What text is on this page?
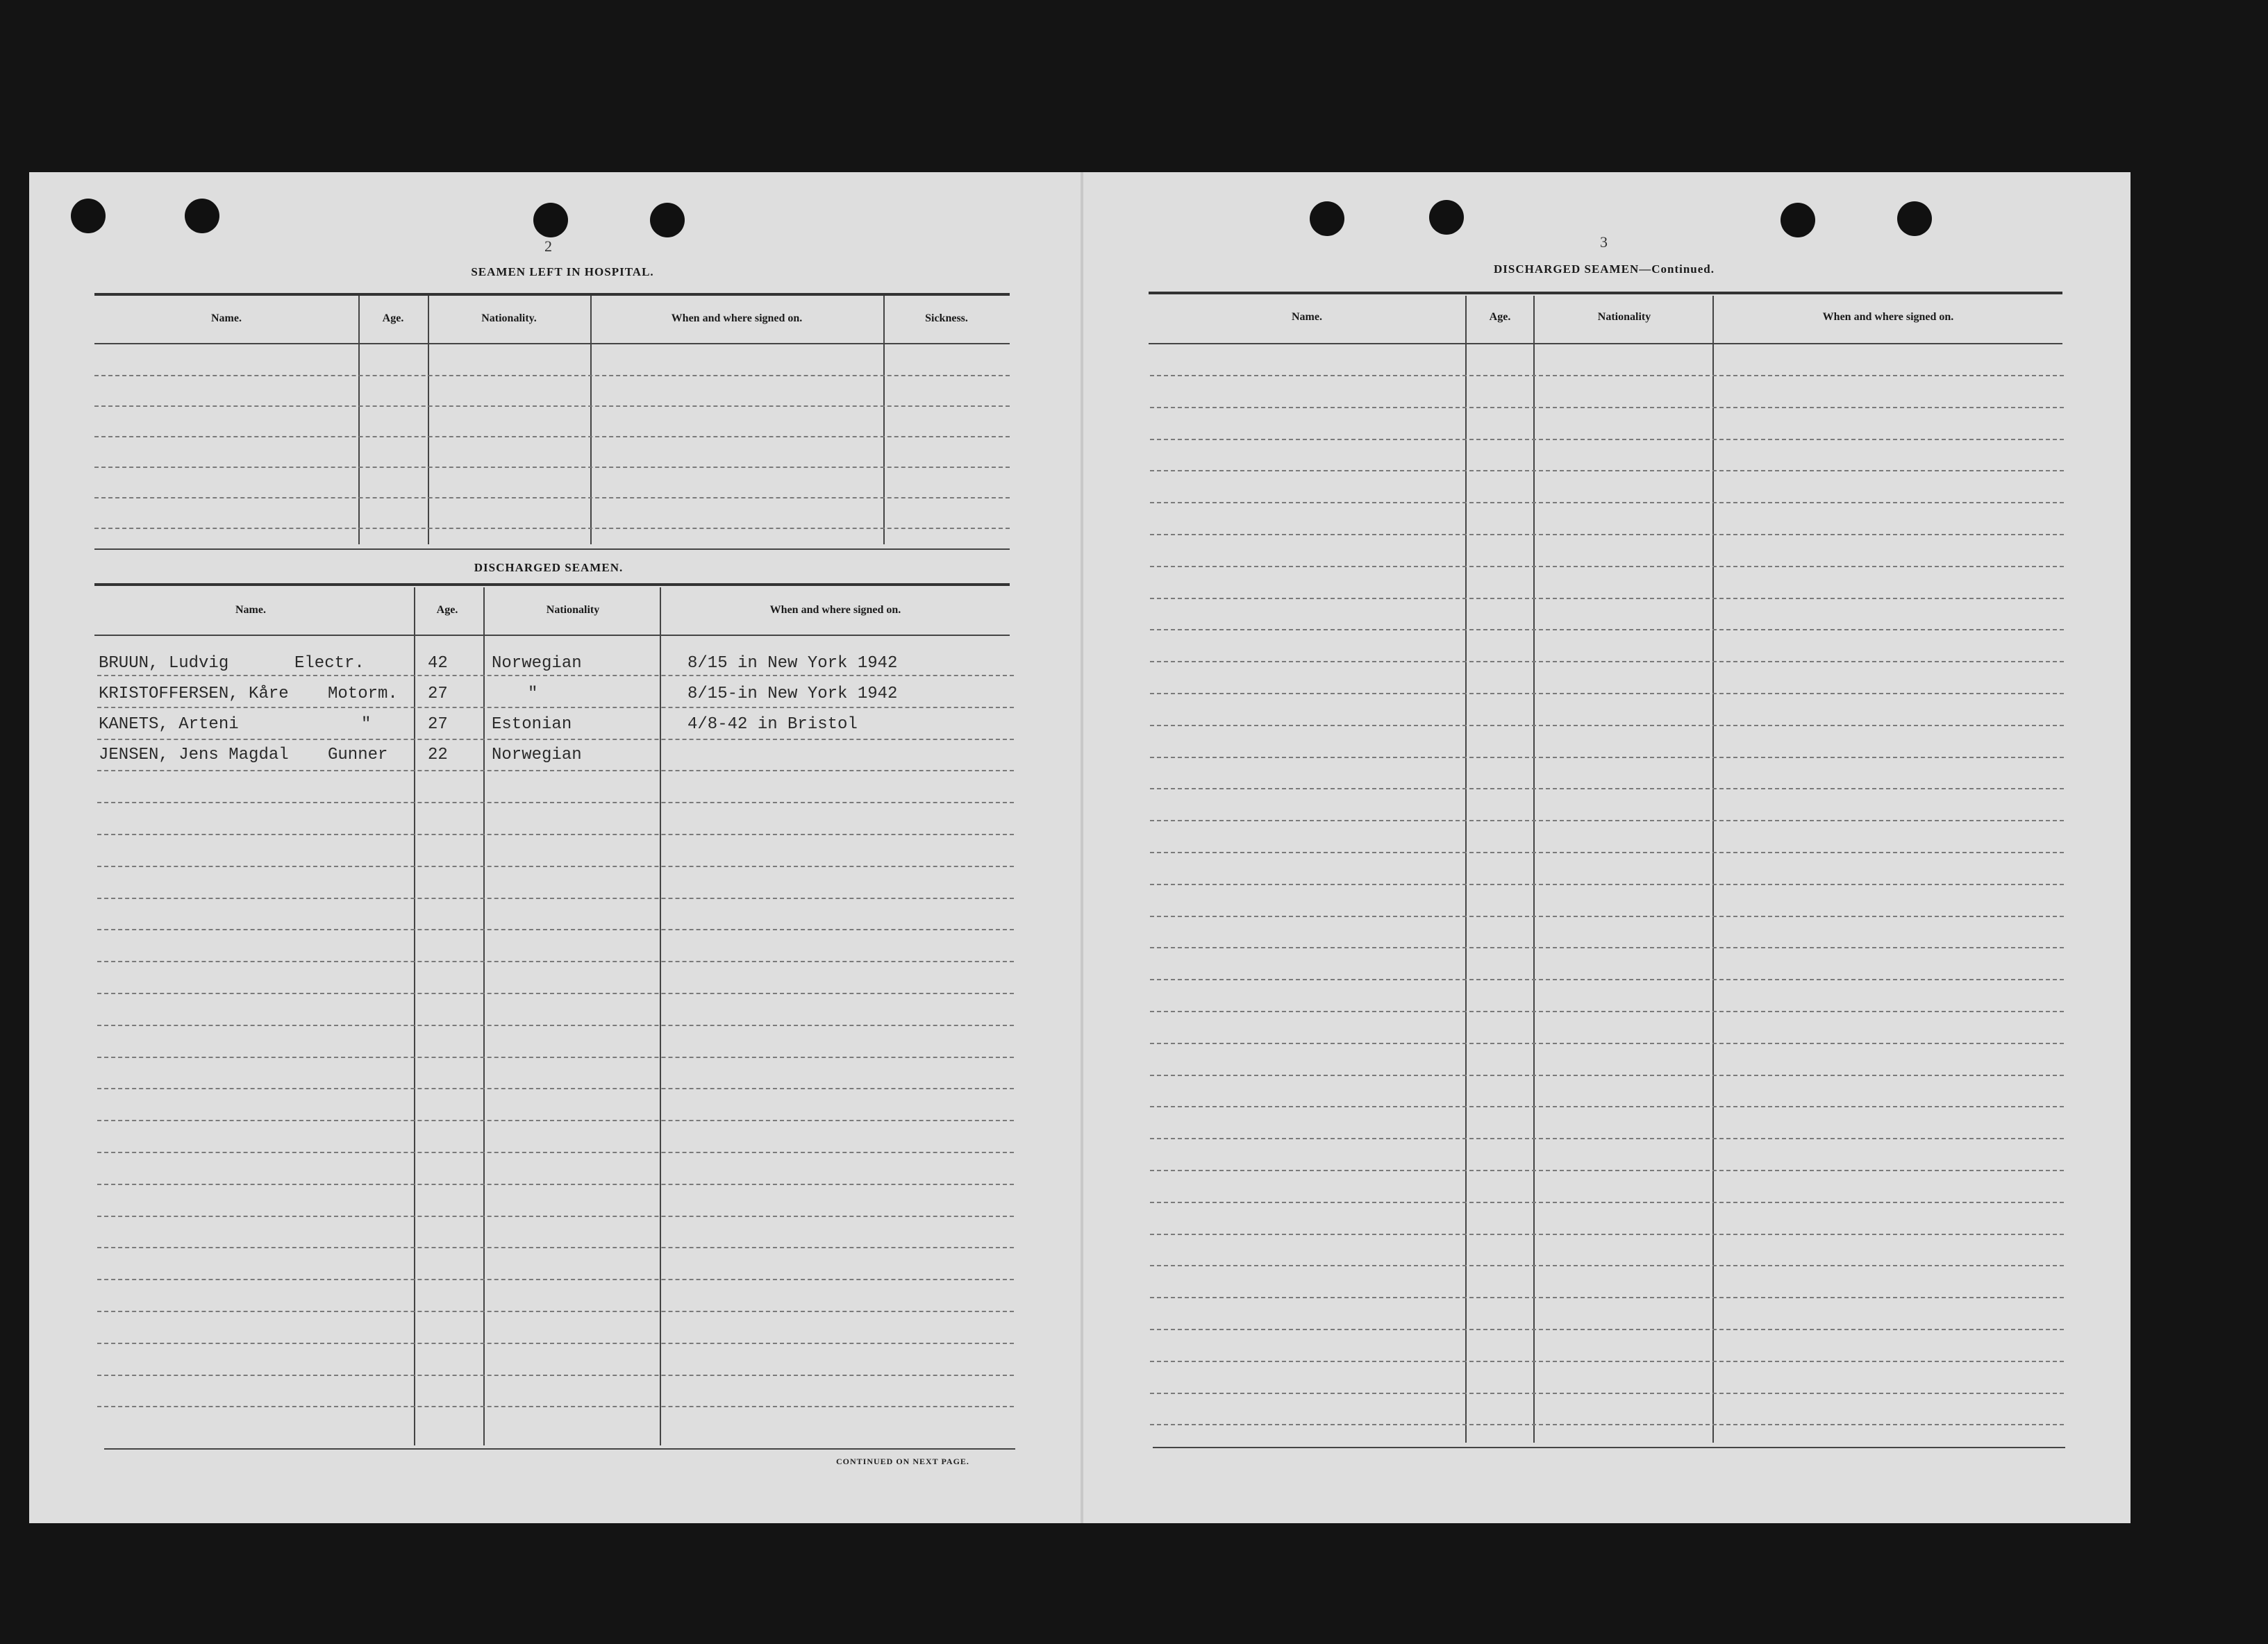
2
SEAMEN LEFT IN HOSPITAL.
Name.	Age.	Nationality.	When and where signed on.	Sickness.
DISCHARGED SEAMEN.
Name.	Age.	Nationality	When and where signed on.
BRUUN, Ludvig	Electr.	42	Norwegian	8/15 in New York 1942
KRISTOFFERSEN, Kåre Motorm. 27	"	8/15-in New York 1942
KANETS, Arteni	"	27	Estonian	4/8-42 in Bristol
JENSEN, Jens Magdal Gunner 22	Norwegian
CONTINUED ON NEXT PAGE.
3
DISCHARGED SEAMEN—Continued.
Name.	Age.	Nationality	When and where signed on.
